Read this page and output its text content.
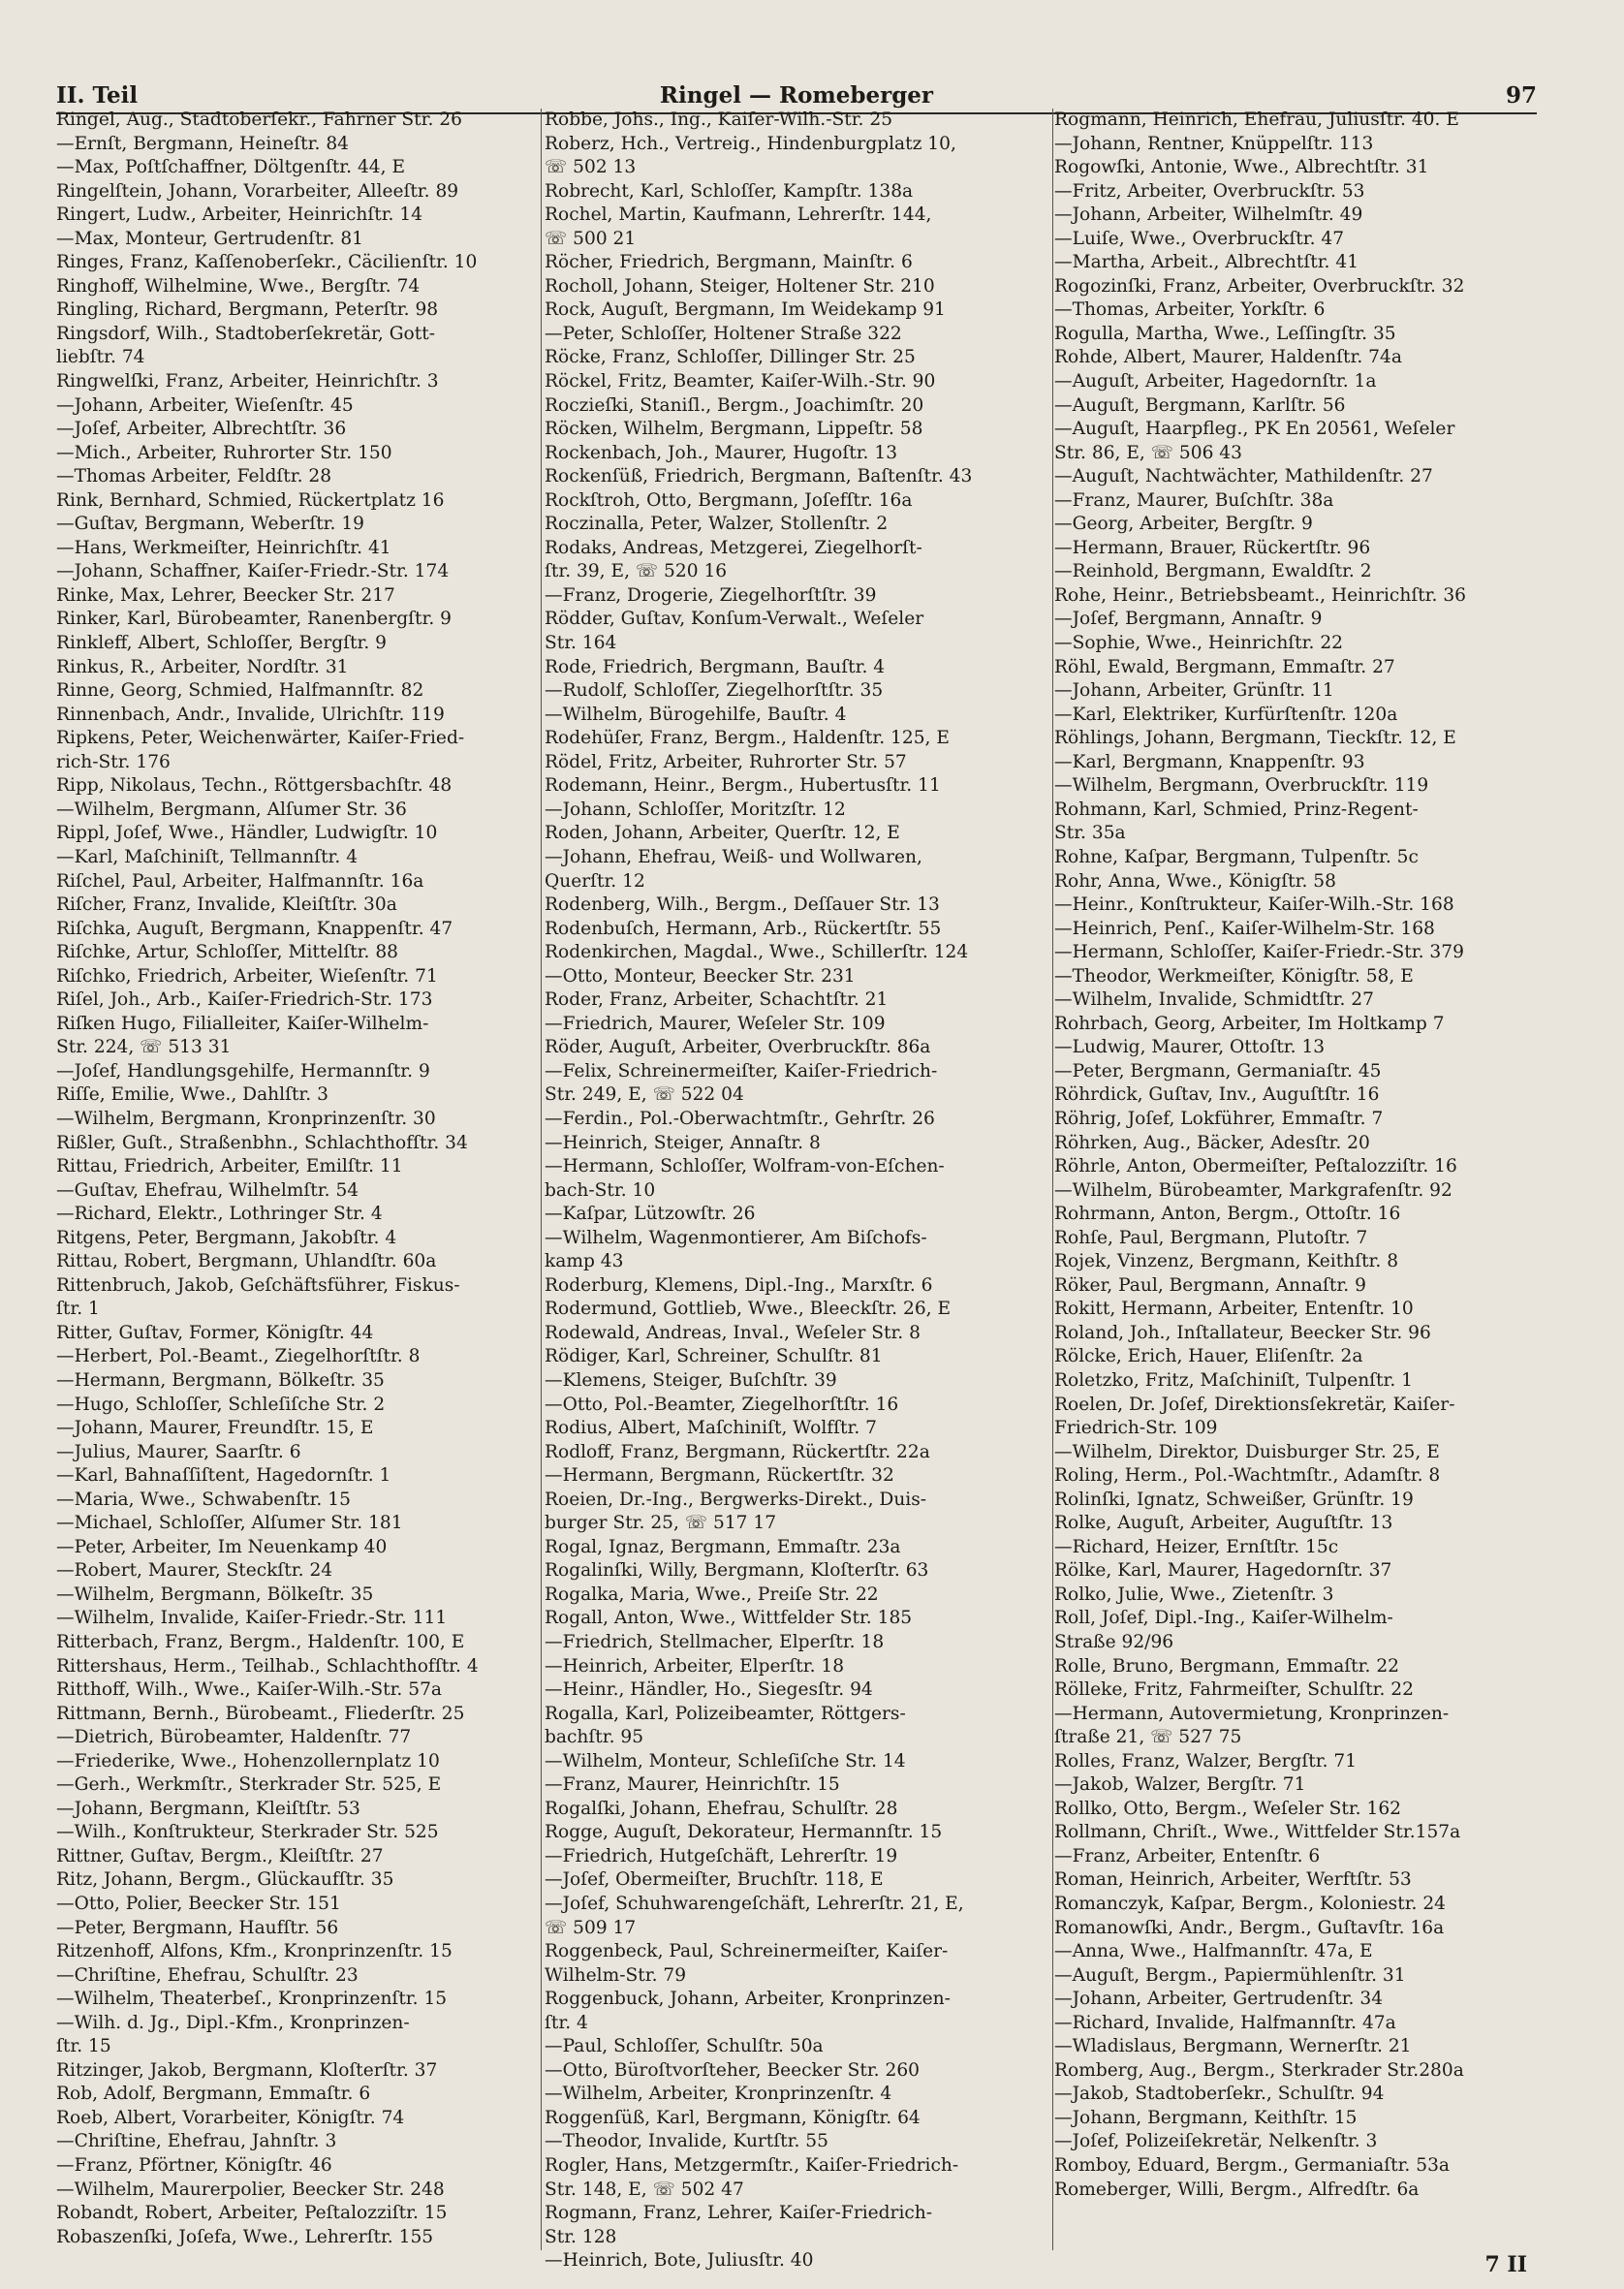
II. Teil	Ringel — Romeberger	97
Ringel, Aug., Stadtoberſekr., Fahrner Str. 26
—Ernſt, Bergmann, Heineſtr. 84
—Max, Poſtſchaffner, Döltgenſtr. 44, E
Ringelſtein, Johann, Vorarbeiter, Alleeſtr. 89
Ringert, Ludw., Arbeiter, Heinrichſtr. 14
—Max, Monteur, Gertrudenſtr. 81
Ringes, Franz, Kaſſenoberſekr., Cäcilienſtr. 10
Ringhoff, Wilhelmine, Wwe., Bergſtr. 74
Ringling, Richard, Bergmann, Peterſtr. 98
Ringsdorf, Wilh., Stadtoberſekretär, Gott-
liebſtr. 74
Ringwelſki, Franz, Arbeiter, Heinrichſtr. 3
—Johann, Arbeiter, Wieſenſtr. 45
—Joſef, Arbeiter, Albrechtſtr. 36
—Mich., Arbeiter, Ruhrorter Str. 150
—Thomas Arbeiter, Feldſtr. 28
Rink, Bernhard, Schmied, Rückertplatz 16
—Guſtav, Bergmann, Weberſtr. 19
—Hans, Werkmeiſter, Heinrichſtr. 41
—Johann, Schaffner, Kaiſer-Friedr.-Str. 174
Rinke, Max, Lehrer, Beecker Str. 217
Rinker, Karl, Bürobeamter, Ranenbergſtr. 9
Rinkleff, Albert, Schloſſer, Bergſtr. 9
Rinkus, R., Arbeiter, Nordſtr. 31
Rinne, Georg, Schmied, Halfmannſtr. 82
Rinnenbach, Andr., Invalide, Ulrichſtr. 119
Ripkens, Peter, Weichenwärter, Kaiſer-Fried-
rich-Str. 176
Ripp, Nikolaus, Techn., Röttgersbachſtr. 48
—Wilhelm, Bergmann, Alſumer Str. 36
Rippl, Joſef, Wwe., Händler, Ludwigſtr. 10
—Karl, Maſchiniſt, Tellmannſtr. 4
Riſchel, Paul, Arbeiter, Halfmannſtr. 16a
Riſcher, Franz, Invalide, Kleiſtſtr. 30a
Riſchka, Auguſt, Bergmann, Knappenſtr. 47
Riſchke, Artur, Schloſſer, Mittelſtr. 88
Riſchko, Friedrich, Arbeiter, Wieſenſtr. 71
Riſel, Joh., Arb., Kaiſer-Friedrich-Str. 173
Riſken Hugo, Filialleiter, Kaiſer-Wilhelm-
Str. 224, ☏ 513 31
—Joſef, Handlungsgehilfe, Hermannſtr. 9
Riſſe, Emilie, Wwe., Dahlſtr. 3
—Wilhelm, Bergmann, Kronprinzenſtr. 30
Rißler, Guſt., Straßenbhn., Schlachthofſtr. 34
Rittau, Friedrich, Arbeiter, Emilſtr. 11
—Guſtav, Ehefrau, Wilhelmſtr. 54
—Richard, Elektr., Lothringer Str. 4
Ritgens, Peter, Bergmann, Jakobſtr. 4
Rittau, Robert, Bergmann, Uhlandſtr. 60a
Rittenbruch, Jakob, Geſchäftsführer, Fiskus-
ſtr. 1
Ritter, Guſtav, Former, Königſtr. 44
—Herbert, Pol.-Beamt., Ziegelhorſtſtr. 8
—Hermann, Bergmann, Bölkeſtr. 35
—Hugo, Schloſſer, Schleſiſche Str. 2
—Johann, Maurer, Freundſtr. 15, E
—Julius, Maurer, Saarſtr. 6
—Karl, Bahnaſſiſtent, Hagedornſtr. 1
—Maria, Wwe., Schwabenſtr. 15
—Michael, Schloſſer, Alſumer Str. 181
—Peter, Arbeiter, Im Neuenkamp 40
—Robert, Maurer, Steckſtr. 24
—Wilhelm, Bergmann, Bölkeſtr. 35
—Wilhelm, Invalide, Kaiſer-Friedr.-Str. 111
Ritterbach, Franz, Bergm., Haldenſtr. 100, E
Rittershaus, Herm., Teilhab., Schlachthofſtr. 4
Ritthoff, Wilh., Wwe., Kaiſer-Wilh.-Str. 57a
Rittmann, Bernh., Bürobeamt., Fliederſtr. 25
—Dietrich, Bürobeamter, Haldenſtr. 77
—Friederike, Wwe., Hohenzollernplatz 10
—Gerh., Werkmſtr., Sterkrader Str. 525, E
—Johann, Bergmann, Kleiſtſtr. 53
—Wilh., Konſtrukteur, Sterkrader Str. 525
Rittner, Guſtav, Bergm., Kleiſtſtr. 27
Ritz, Johann, Bergm., Glückaufſtr. 35
—Otto, Polier, Beecker Str. 151
—Peter, Bergmann, Haufſtr. 56
Ritzenhoff, Alfons, Kfm., Kronprinzenſtr. 15
—Chriſtine, Ehefrau, Schulſtr. 23
—Wilhelm, Theaterbeſ., Kronprinzenſtr. 15
—Wilh. d. Jg., Dipl.-Kfm., Kronprinzen-
ſtr. 15
Ritzinger, Jakob, Bergmann, Kloſterſtr. 37
Rob, Adolf, Bergmann, Emmaſtr. 6
Roeb, Albert, Vorarbeiter, Königſtr. 74
—Chriſtine, Ehefrau, Jahnſtr. 3
—Franz, Pförtner, Königſtr. 46
—Wilhelm, Maurerpolier, Beecker Str. 248
Robandt, Robert, Arbeiter, Peſtalozziſtr. 15
Robaszenſki, Joſefa, Wwe., Lehrerſtr. 155
Robbe, Johs., Ing., Kaiſer-Wilh.-Str. 25
Roberz, Hch., Vertreig., Hindenburgplatz 10,
☏ 502 13
Robrecht, Karl, Schloſſer, Kampſtr. 138a
Rochel, Martin, Kaufmann, Lehrerſtr. 144,
☏ 500 21
Röcher, Friedrich, Bergmann, Mainſtr. 6
Rocholl, Johann, Steiger, Holtener Str. 210
Rock, Auguſt, Bergmann, Im Weidekamp 91
—Peter, Schloſſer, Holtener Straße 322
Röcke, Franz, Schloſſer, Dillinger Str. 25
Röckel, Fritz, Beamter, Kaiſer-Wilh.-Str. 90
Roczieſki, Staniſl., Bergm., Joachimſtr. 20
Röcken, Wilhelm, Bergmann, Lippeſtr. 58
Rockenbach, Joh., Maurer, Hugoſtr. 13
Rockenſüß, Friedrich, Bergmann, Baſtenſtr. 43
Rockſtroh, Otto, Bergmann, Joſefſtr. 16a
Roczinalla, Peter, Walzer, Stollenſtr. 2
Rodaks, Andreas, Metzgerei, Ziegelhorſt-
ſtr. 39, E, ☏ 520 16
—Franz, Drogerie, Ziegelhorſtſtr. 39
Rödder, Guſtav, Konſum-Verwalt., Weſeler
Str. 164
Rode, Friedrich, Bergmann, Bauſtr. 4
—Rudolf, Schloſſer, Ziegelhorſtſtr. 35
—Wilhelm, Bürogehilfe, Bauſtr. 4
Rodehüſer, Franz, Bergm., Haldenſtr. 125, E
Rödel, Fritz, Arbeiter, Ruhrorter Str. 57
Rodemann, Heinr., Bergm., Hubertusſtr. 11
—Johann, Schloſſer, Moritzſtr. 12
Roden, Johann, Arbeiter, Querſtr. 12, E
—Johann, Ehefrau, Weiß- und Wollwaren,
Querſtr. 12
Rodenberg, Wilh., Bergm., Deſſauer Str. 13
Rodenbuſch, Hermann, Arb., Rückertſtr. 55
Rodenkirchen, Magdal., Wwe., Schillerſtr. 124
—Otto, Monteur, Beecker Str. 231
Roder, Franz, Arbeiter, Schachtſtr. 21
—Friedrich, Maurer, Weſeler Str. 109
Röder, Auguſt, Arbeiter, Overbruckſtr. 86a
—Felix, Schreinermeiſter, Kaiſer-Friedrich-
Str. 249, E, ☏ 522 04
—Ferdin., Pol.-Oberwachtmſtr., Gehrſtr. 26
—Heinrich, Steiger, Annaſtr. 8
—Hermann, Schloſſer, Wolfram-von-Eſchen-
bach-Str. 10
—Kaſpar, Lützowſtr. 26
—Wilhelm, Wagenmontierer, Am Biſchofs-
kamp 43
Roderburg, Klemens, Dipl.-Ing., Marxſtr. 6
Rodermund, Gottlieb, Wwe., Bleeckſtr. 26, E
Rodewald, Andreas, Inval., Weſeler Str. 8
Rödiger, Karl, Schreiner, Schulſtr. 81
—Klemens, Steiger, Buſchſtr. 39
—Otto, Pol.-Beamter, Ziegelhorſtſtr. 16
Rodius, Albert, Maſchiniſt, Wolfſtr. 7
Rodloff, Franz, Bergmann, Rückertſtr. 22a
—Hermann, Bergmann, Rückertſtr. 32
Roeien, Dr.-Ing., Bergwerks-Direkt., Duis-
burger Str. 25, ☏ 517 17
Rogal, Ignaz, Bergmann, Emmaſtr. 23a
Rogalinſki, Willy, Bergmann, Kloſterſtr. 63
Rogalka, Maria, Wwe., Preiſe Str. 22
Rogall, Anton, Wwe., Wittfelder Str. 185
—Friedrich, Stellmacher, Elperſtr. 18
—Heinrich, Arbeiter, Elperſtr. 18
—Heinr., Händler, Ho., Siegesſtr. 94
Rogalla, Karl, Polizeibeamter, Röttgers-
bachſtr. 95
—Wilhelm, Monteur, Schleſiſche Str. 14
—Franz, Maurer, Heinrichſtr. 15
Rogalſki, Johann, Ehefrau, Schulſtr. 28
Rogge, Auguſt, Dekorateur, Hermannſtr. 15
—Friedrich, Hutgeſchäft, Lehrerſtr. 19
—Joſef, Obermeiſter, Bruchſtr. 118, E
—Joſef, Schuhwarengeſchäft, Lehrerſtr. 21, E,
☏ 509 17
Roggenbeck, Paul, Schreinermeiſter, Kaiſer-
Wilhelm-Str. 79
Roggenbuck, Johann, Arbeiter, Kronprinzen-
ſtr. 4
—Paul, Schloſſer, Schulſtr. 50a
—Otto, Büroſtvorſteher, Beecker Str. 260
—Wilhelm, Arbeiter, Kronprinzenſtr. 4
Roggenſüß, Karl, Bergmann, Königſtr. 64
—Theodor, Invalide, Kurtſtr. 55
Rogler, Hans, Metzgermſtr., Kaiſer-Friedrich-
Str. 148, E, ☏ 502 47
Rogmann, Franz, Lehrer, Kaiſer-Friedrich-
Str. 128
—Heinrich, Bote, Juliusſtr. 40
Rogmann, Heinrich, Ehefrau, Juliusſtr. 40. E
—Johann, Rentner, Knüppelſtr. 113
Rogowſki, Antonie, Wwe., Albrechtſtr. 31
—Fritz, Arbeiter, Overbruckſtr. 53
—Johann, Arbeiter, Wilhelmſtr. 49
—Luiſe, Wwe., Overbruckſtr. 47
—Martha, Arbeit., Albrechtſtr. 41
Rogozinſki, Franz, Arbeiter, Overbruckſtr. 32
—Thomas, Arbeiter, Yorkſtr. 6
Rogulla, Martha, Wwe., Leſſingſtr. 35
Rohde, Albert, Maurer, Haldenſtr. 74a
—Auguſt, Arbeiter, Hagedornſtr. 1a
—Auguſt, Bergmann, Karlſtr. 56
—Auguſt, Haarpfleg., PK En 20561, Weſeler
Str. 86, E, ☏ 506 43
—Auguſt, Nachtwächter, Mathildenſtr. 27
—Franz, Maurer, Buſchſtr. 38a
—Georg, Arbeiter, Bergſtr. 9
—Hermann, Brauer, Rückertſtr. 96
—Reinhold, Bergmann, Ewaldſtr. 2
Rohe, Heinr., Betriebsbeamt., Heinrichſtr. 36
—Joſef, Bergmann, Annaſtr. 9
—Sophie, Wwe., Heinrichſtr. 22
Röhl, Ewald, Bergmann, Emmaſtr. 27
—Johann, Arbeiter, Grünſtr. 11
—Karl, Elektriker, Kurfürſtenſtr. 120a
Röhlings, Johann, Bergmann, Tieckſtr. 12, E
—Karl, Bergmann, Knappenſtr. 93
—Wilhelm, Bergmann, Overbruckſtr. 119
Rohmann, Karl, Schmied, Prinz-Regent-
Str. 35a
Rohne, Kaſpar, Bergmann, Tulpenſtr. 5c
Rohr, Anna, Wwe., Königſtr. 58
—Heinr., Konſtrukteur, Kaiſer-Wilh.-Str. 168
—Heinrich, Penſ., Kaiſer-Wilhelm-Str. 168
—Hermann, Schloſſer, Kaiſer-Friedr.-Str. 379
—Theodor, Werkmeiſter, Königſtr. 58, E
—Wilhelm, Invalide, Schmidtſtr. 27
Rohrbach, Georg, Arbeiter, Im Holtkamp 7
—Ludwig, Maurer, Ottoſtr. 13
—Peter, Bergmann, Germaniaſtr. 45
Röhrdick, Guſtav, Inv., Auguſtſtr. 16
Röhrig, Joſef, Lokführer, Emmaſtr. 7
Röhrken, Aug., Bäcker, Adesſtr. 20
Röhrle, Anton, Obermeiſter, Peſtalozziſtr. 16
—Wilhelm, Bürobeamter, Markgrafenſtr. 92
Rohrmann, Anton, Bergm., Ottoſtr. 16
Rohſe, Paul, Bergmann, Plutoſtr. 7
Rojek, Vinzenz, Bergmann, Keithſtr. 8
Röker, Paul, Bergmann, Annaſtr. 9
Rokitt, Hermann, Arbeiter, Entenſtr. 10
Roland, Joh., Inſtallateur, Beecker Str. 96
Rölcke, Erich, Hauer, Eliſenſtr. 2a
Roletzko, Fritz, Maſchiniſt, Tulpenſtr. 1
Roelen, Dr. Joſef, Direktionsſekretär, Kaiſer-
Friedrich-Str. 109
—Wilhelm, Direktor, Duisburger Str. 25, E
Roling, Herm., Pol.-Wachtmſtr., Adamſtr. 8
Rolinſki, Ignatz, Schweißer, Grünſtr. 19
Rolke, Auguſt, Arbeiter, Auguſtſtr. 13
—Richard, Heizer, Ernſtſtr. 15c
Rölke, Karl, Maurer, Hagedornſtr. 37
Rolko, Julie, Wwe., Zietenſtr. 3
Roll, Joſef, Dipl.-Ing., Kaiſer-Wilhelm-
Straße 92/96
Rolle, Bruno, Bergmann, Emmaſtr. 22
Rölleke, Fritz, Fahrmeiſter, Schulſtr. 22
—Hermann, Autovermietung, Kronprinzen-
ſtraße 21, ☏ 527 75
Rolles, Franz, Walzer, Bergſtr. 71
—Jakob, Walzer, Bergſtr. 71
Rollko, Otto, Bergm., Weſeler Str. 162
Rollmann, Chriſt., Wwe., Wittfelder Str.157a
—Franz, Arbeiter, Entenſtr. 6
Roman, Heinrich, Arbeiter, Werftſtr. 53
Romanczyk, Kaſpar, Bergm., Koloniestr. 24
Romanowſki, Andr., Bergm., Guſtavſtr. 16a
—Anna, Wwe., Halfmannſtr. 47a, E
—Auguſt, Bergm., Papiermühlenſtr. 31
—Johann, Arbeiter, Gertrudenſtr. 34
—Richard, Invalide, Halfmannſtr. 47a
—Wladislaus, Bergmann, Wernerſtr. 21
Romberg, Aug., Bergm., Sterkrader Str.280a
—Jakob, Stadtoberſekr., Schulſtr. 94
—Johann, Bergmann, Keithſtr. 15
—Joſef, Polizeiſekretär, Nelkenſtr. 3
Romboy, Eduard, Bergm., Germaniaſtr. 53a
Romeberger, Willi, Bergm., Alfredſtr. 6a
7 II
